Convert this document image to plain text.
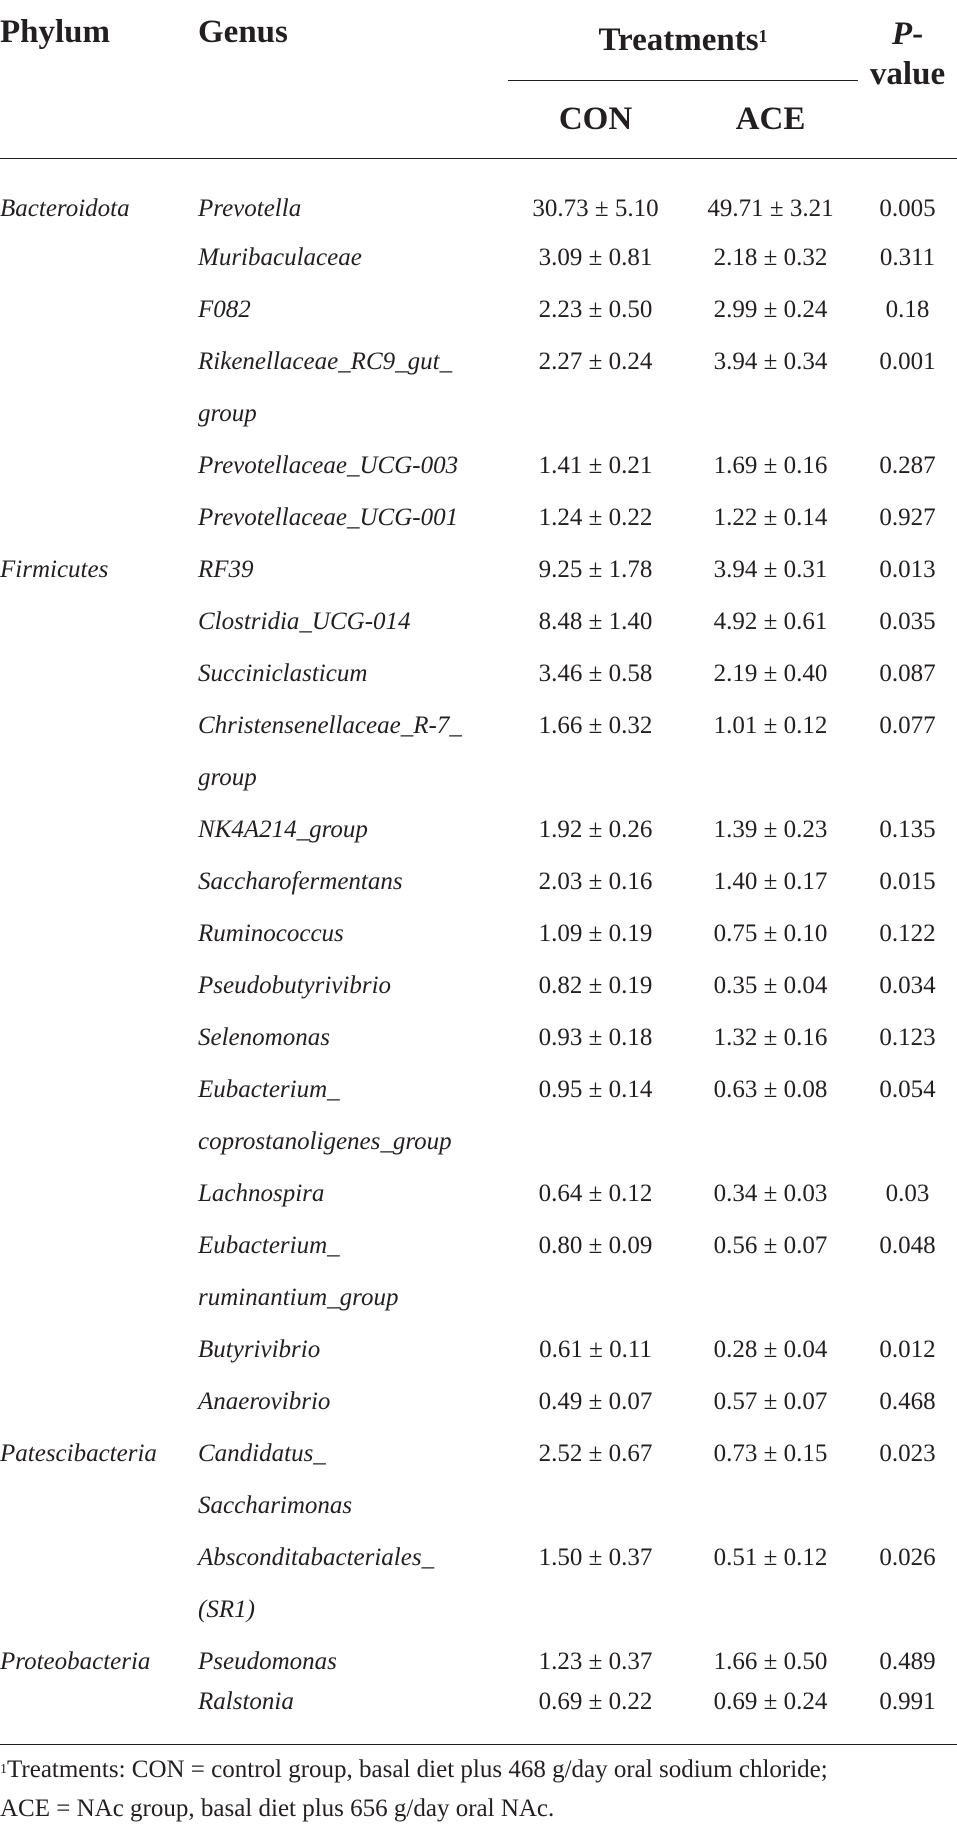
Phylum	Genus	Treatments$^1$		P-value
		CON	ACE	
Bacteroidota	Prevotella	30.73 ± 5.10	49.71 ± 3.21	0.005
	Muribaculaceae	3.09 ± 0.81	2.18 ± 0.32	0.311
	F082	2.23 ± 0.50	2.99 ± 0.24	0.18
	Rikenellaceae_RC9_gut_	2.27 ± 0.24	3.94 ± 0.34	0.001
	group			
	Prevotellaceae_UCG-003	1.41 ± 0.21	1.69 ± 0.16	0.287
	Prevotellaceae_UCG-001	1.24 ± 0.22	1.22 ± 0.14	0.927
Firmicutes	RF39	9.25 ± 1.78	3.94 ± 0.31	0.013
	Clostridia_UCG-014	8.48 ± 1.40	4.92 ± 0.61	0.035
	Succiniclasticum	3.46 ± 0.58	2.19 ± 0.40	0.087
	Christensenellaceae_R-7_	1.66 ± 0.32	1.01 ± 0.12	0.077
	group			
	NK4A214_group	1.92 ± 0.26	1.39 ± 0.23	0.135
	Saccharofermentans	2.03 ± 0.16	1.40 ± 0.17	0.015
	Ruminococcus	1.09 ± 0.19	0.75 ± 0.10	0.122
	Pseudobutyrivibrio	0.82 ± 0.19	0.35 ± 0.04	0.034
	Selenomonas	0.93 ± 0.18	1.32 ± 0.16	0.123
	Eubacterium_	0.95 ± 0.14	0.63 ± 0.08	0.054
	coprostanoligenes_group			
	Lachnospira	0.64 ± 0.12	0.34 ± 0.03	0.03
	Eubacterium_	0.80 ± 0.09	0.56 ± 0.07	0.048
	ruminantium_group			
	Butyrivibrio	0.61 ± 0.11	0.28 ± 0.04	0.012
	Anaerovibrio	0.49 ± 0.07	0.57 ± 0.07	0.468
Patescibacteria	Candidatus_	2.52 ± 0.67	0.73 ± 0.15	0.023
	Saccharimonas			
	Absconditabacteriales_	1.50 ± 0.37	0.51 ± 0.12	0.026
	(SR1)			
Proteobacteria	Pseudomonas	1.23 ± 0.37	1.66 ± 0.50	0.489
	Ralstonia	0.69 ± 0.22	0.69 ± 0.24	0.991
$^1$Treatments: CON = control group, basal diet plus 468 g/day oral sodium chloride;
ACE = NAc group, basal diet plus 656 g/day oral NAc.
